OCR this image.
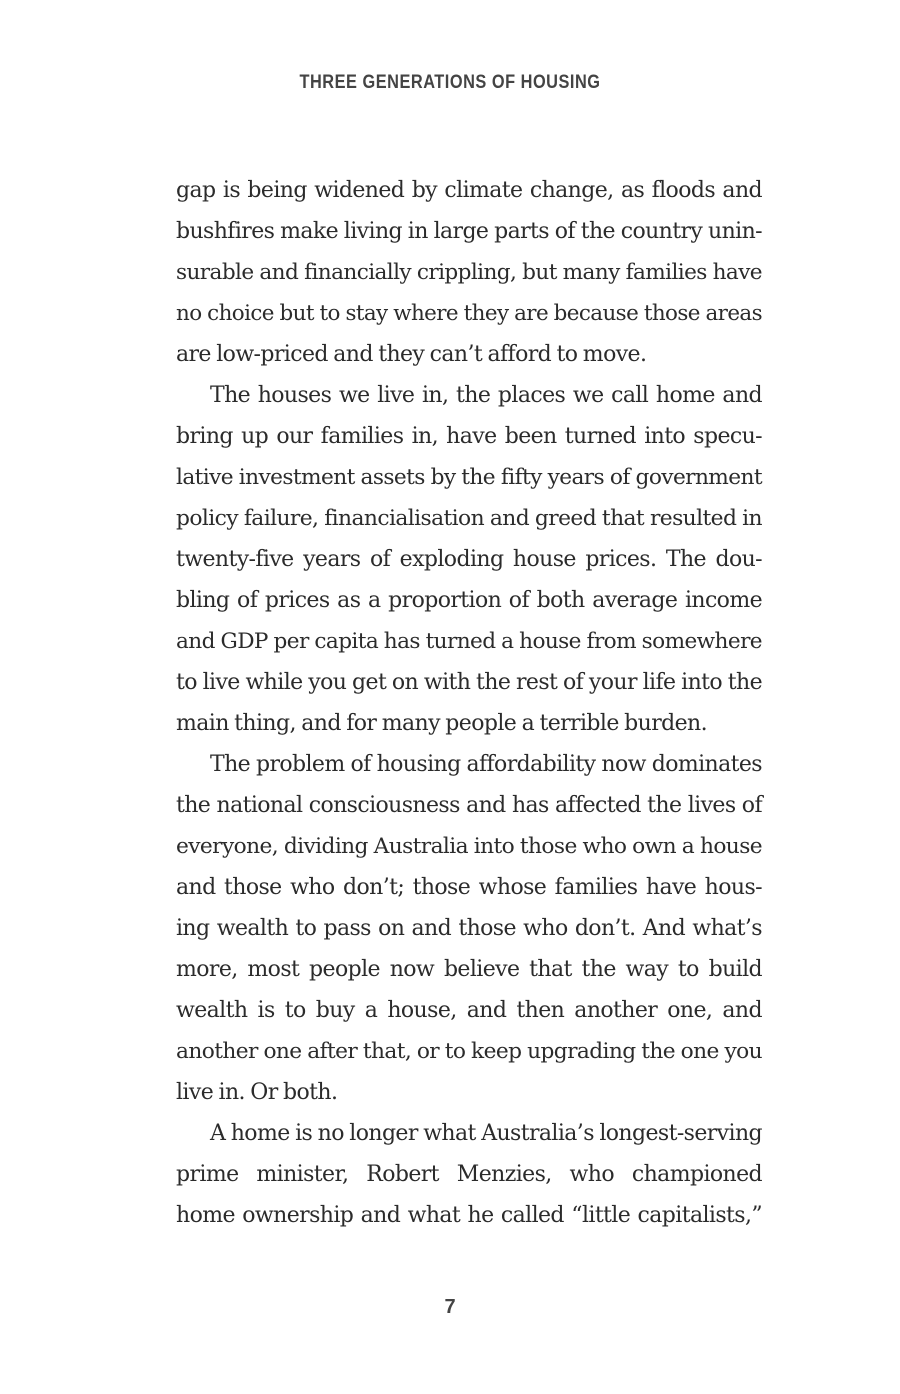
THREE GENERATIONS OF HOUSING
gap is being widened by climate change, as floods and
bushfires make living in large parts of the country unin-
surable and financially crippling, but many families have
no choice but to stay where they are because those areas
are low-priced and they can’t afford to move.
The houses we live in, the places we call home and
bring up our families in, have been turned into specu-
lative investment assets by the fifty years of government
policy failure, financialisation and greed that resulted in
twenty-five years of exploding house prices. The dou-
bling of prices as a proportion of both average income
and GDP per capita has turned a house from somewhere
to live while you get on with the rest of your life into the
main thing, and for many people a terrible burden.
The problem of housing affordability now dominates
the national consciousness and has affected the lives of
everyone, dividing Australia into those who own a house
and those who don’t; those whose families have hous-
ing wealth to pass on and those who don’t. And what’s
more, most people now believe that the way to build
wealth is to buy a house, and then another one, and
another one after that, or to keep upgrading the one you
live in. Or both.
A home is no longer what Australia’s longest-serving
prime minister, Robert Menzies, who championed
home ownership and what he called “little capitalists,”
7
